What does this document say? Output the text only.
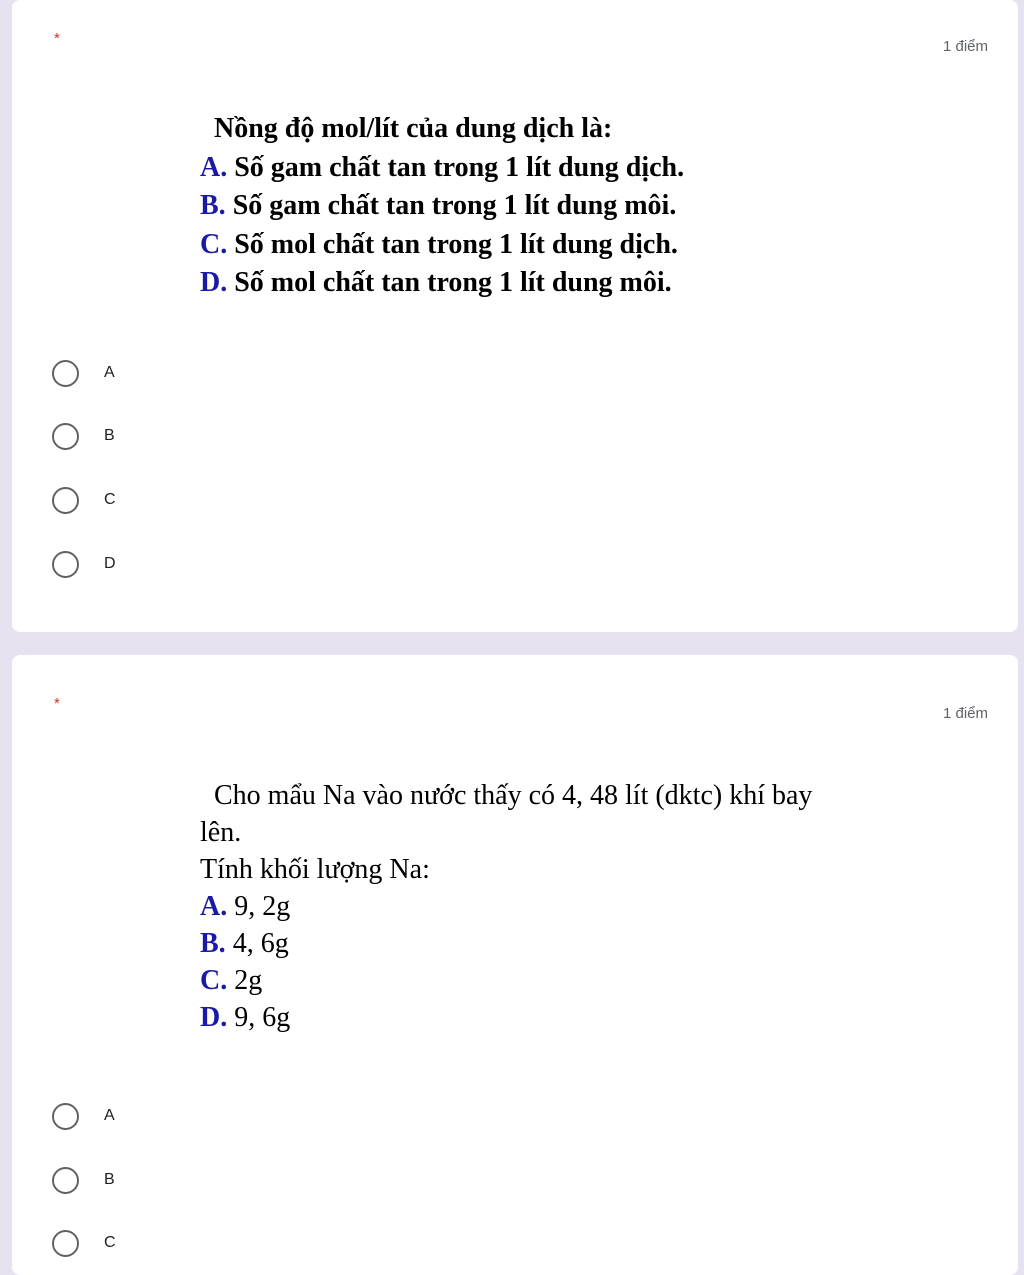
*	1 điểm
Nồng độ mol/lít của dung dịch là:
A. Số gam chất tan trong 1 lít dung dịch.
B. Số gam chất tan trong 1 lít dung môi.
C. Số mol chất tan trong 1 lít dung dịch.
D. Số mol chất tan trong 1 lít dung môi.
A
B
C
D
*
1 điểm
Cho mẩu Na vào nước thấy có 4, 48 lít (dktc) khí bay
lên.
Tính khối lượng Na:
A. 9, 2g
B. 4, 6g
C. 2g
D. 9, 6g
A
B
C
